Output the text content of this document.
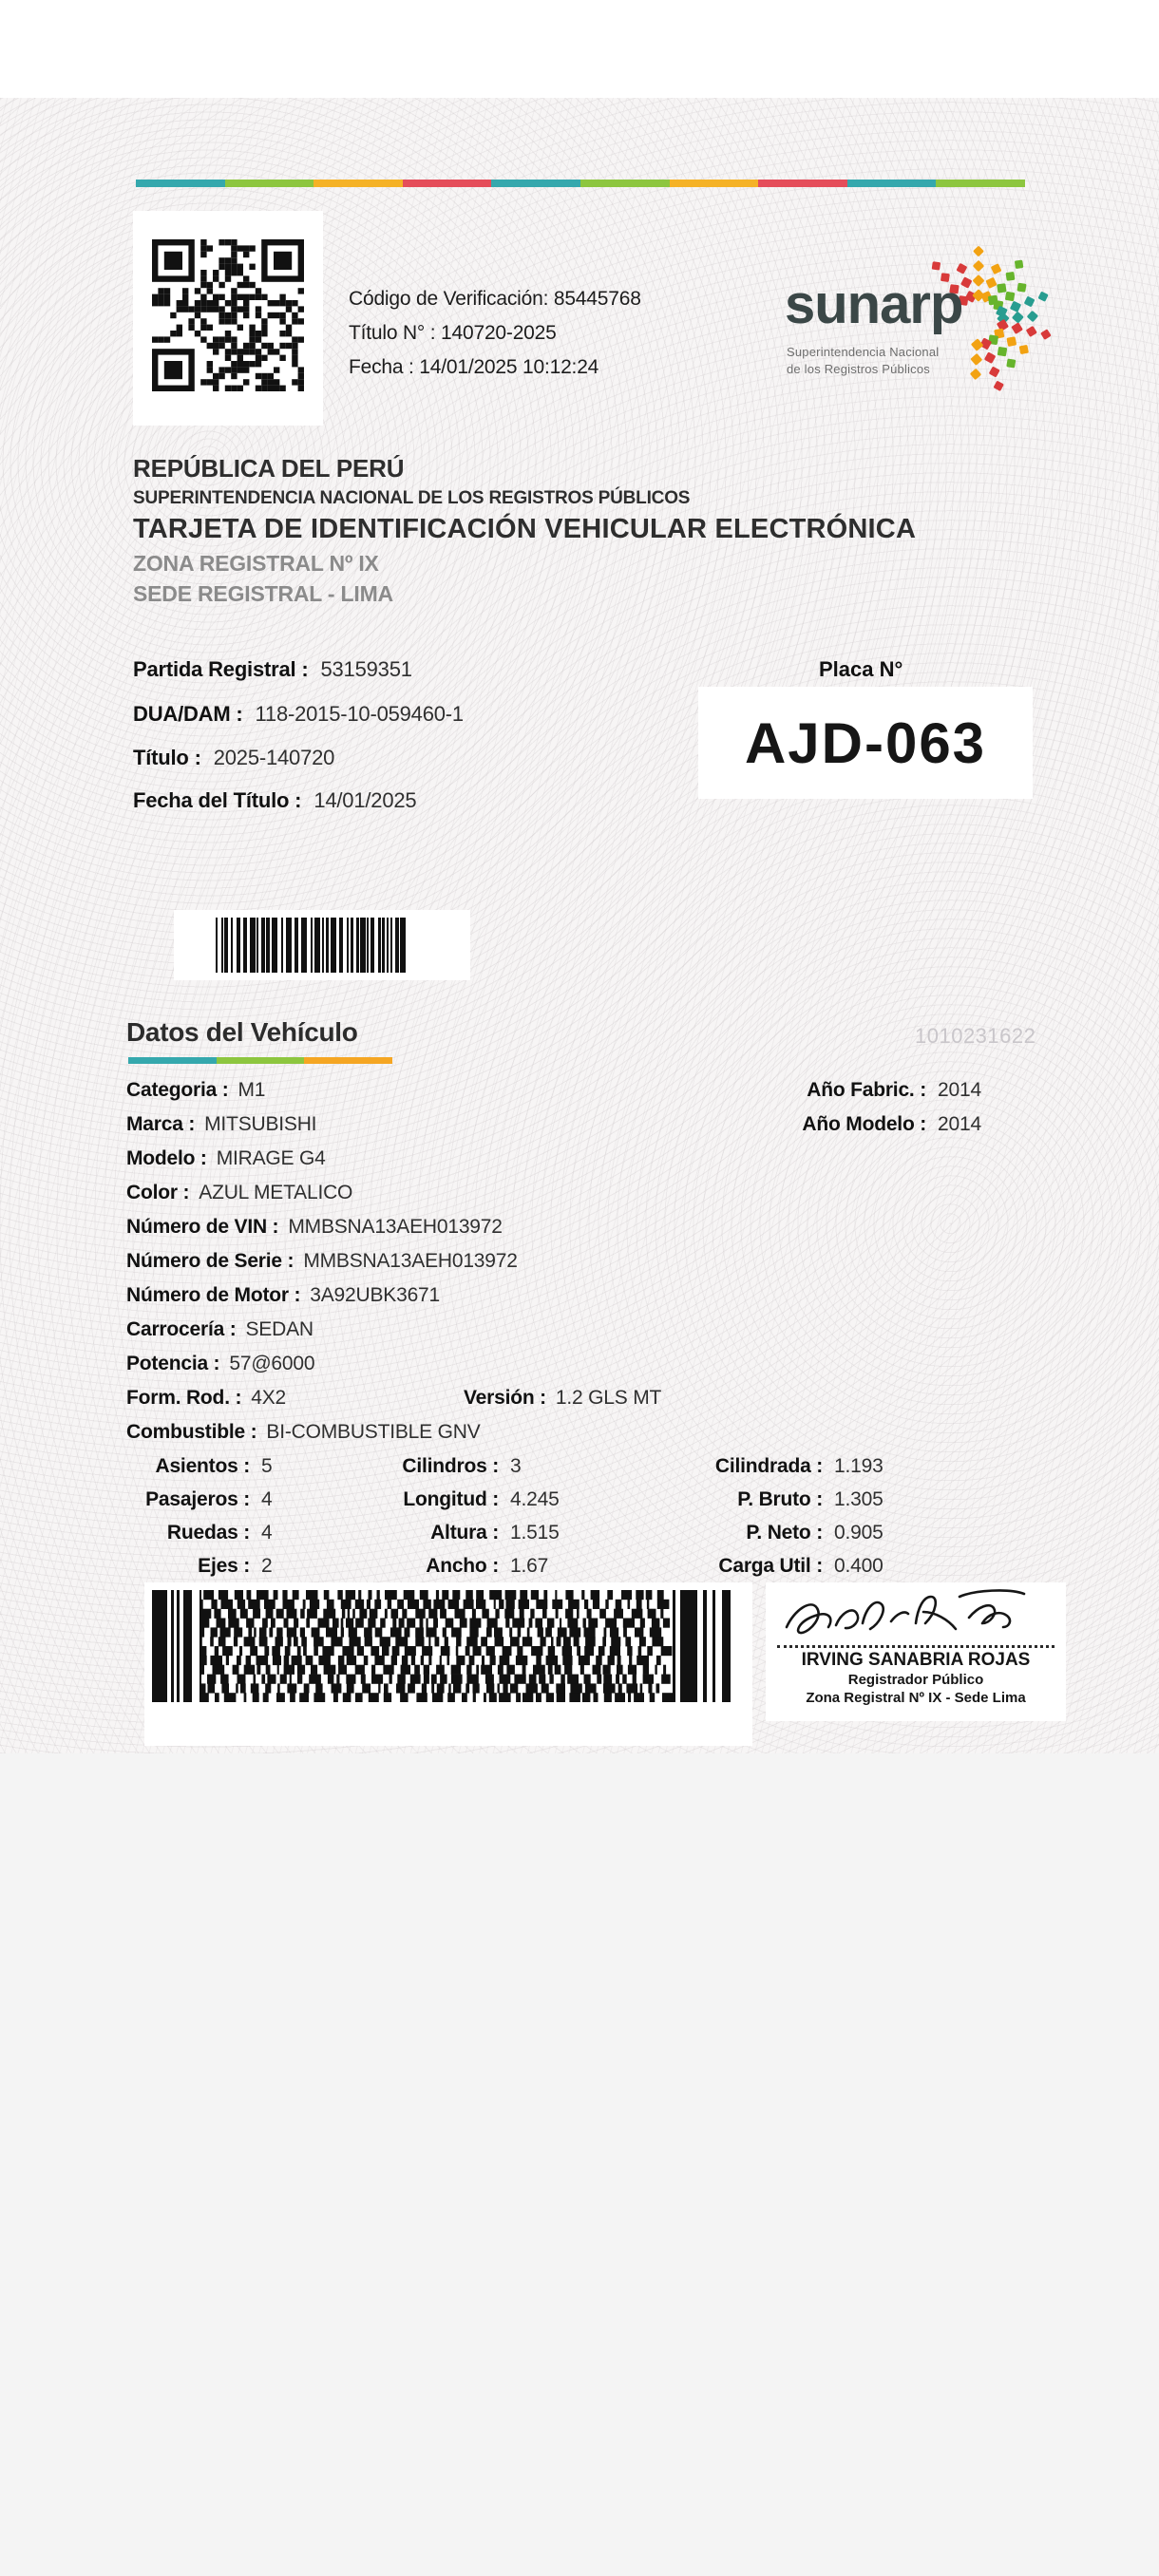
Código de Verificación: 85445768
Título N° : 140720-2025
Fecha : 14/01/2025 10:12:24
sunarp
Superintendencia Nacional
de los Registros Públicos
REPÚBLICA DEL PERÚ
SUPERINTENDENCIA NACIONAL DE LOS REGISTROS PÚBLICOS
TARJETA DE IDENTIFICACIÓN VEHICULAR ELECTRÓNICA
ZONA REGISTRAL Nº IX
SEDE REGISTRAL - LIMA
Partida Registral : 53159351
DUA/DAM : 118-2015-10-059460-1
Título : 2025-140720
Fecha del Título : 14/01/2025
Placa N°
AJD-063
Datos del Vehículo	1010231622
Categoria : M1
Marca : MITSUBISHI
Modelo : MIRAGE G4
Color : AZUL METALICO
Número de VIN : MMBSNA13AEH013972
Número de Serie : MMBSNA13AEH013972
Número de Motor : 3A92UBK3671
Carrocería : SEDAN
Potencia : 57@6000
Form. Rod. : 4X2
Combustible : BI-COMBUSTIBLE GNV
Versión : 1.2 GLS MT
Año Fabric. : 2014
Año Modelo : 2014
Asientos : 5	Cilindros : 3	Cilindrada : 1.193
Pasajeros : 4	Longitud : 4.245	P. Bruto : 1.305
Ruedas : 4	Altura : 1.515	P. Neto : 0.905
Ejes : 2	Ancho : 1.67	Carga Util : 0.400
IRVING SANABRIA ROJAS
Registrador Público
Zona Registral Nº IX - Sede Lima
